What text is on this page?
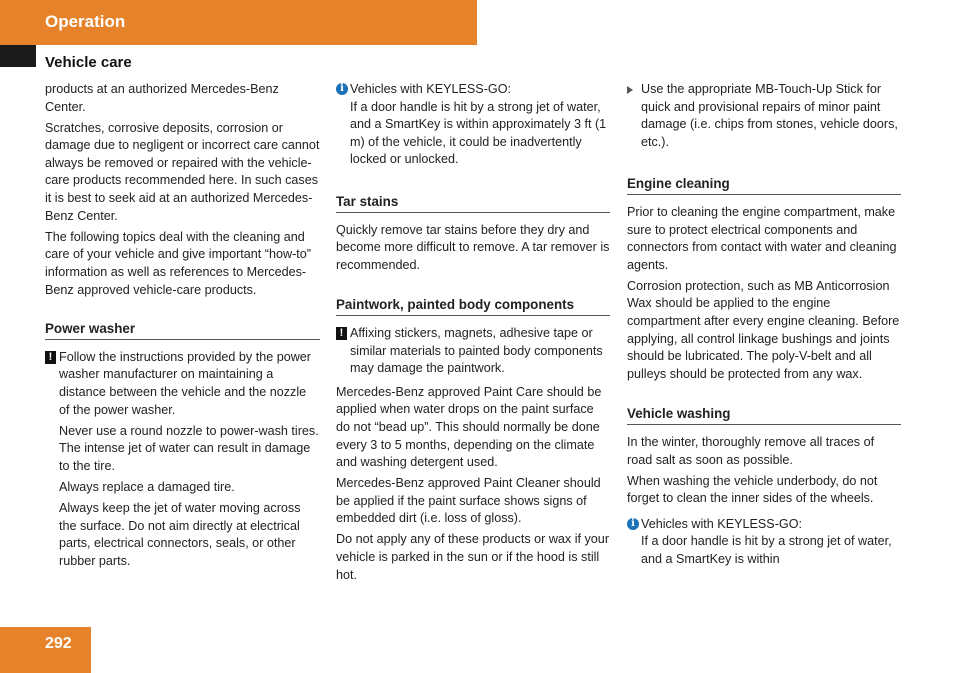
Operation
Vehicle care

products at an authorized Mercedes-Benz Center.

Scratches, corrosive deposits, corrosion or damage due to negligent or incorrect care cannot always be removed or repaired with the vehicle-care products recommended here. In such cases it is best to seek aid at an authorized Mercedes-Benz Center.

The following topics deal with the cleaning and care of your vehicle and give important “how-to” information as well as references to Mercedes-Benz approved vehicle-care products.

Power washer

! Follow the instructions provided by the power washer manufacturer on maintaining a distance between the vehicle and the nozzle of the power washer.

Never use a round nozzle to power-wash tires. The intense jet of water can result in damage to the tire.

Always replace a damaged tire.

Always keep the jet of water moving across the surface. Do not aim directly at electrical parts, electrical connectors, seals, or other rubber parts.

i Vehicles with KEYLESS-GO:
If a door handle is hit by a strong jet of water, and a SmartKey is within approximately 3 ft (1 m) of the vehicle, it could be inadvertently locked or unlocked.

Tar stains

Quickly remove tar stains before they dry and become more difficult to remove. A tar remover is recommended.

Paintwork, painted body components

! Affixing stickers, magnets, adhesive tape or similar materials to painted body components may damage the paintwork.

Mercedes-Benz approved Paint Care should be applied when water drops on the paint surface do not “bead up”. This should normally be done every 3 to 5 months, depending on the climate and washing detergent used.

Mercedes-Benz approved Paint Cleaner should be applied if the paint surface shows signs of embedded dirt (i.e. loss of gloss).

Do not apply any of these products or wax if your vehicle is parked in the sun or if the hood is still hot.

Use the appropriate MB-Touch-Up Stick for quick and provisional repairs of minor paint damage (i.e. chips from stones, vehicle doors, etc.).

Engine cleaning

Prior to cleaning the engine compartment, make sure to protect electrical components and connectors from contact with water and cleaning agents.

Corrosion protection, such as MB Anticorrosion Wax should be applied to the engine compartment after every engine cleaning. Before applying, all control linkage bushings and joints should be lubricated. The poly-V-belt and all pulleys should be protected from any wax.

Vehicle washing

In the winter, thoroughly remove all traces of road salt as soon as possible.

When washing the vehicle underbody, do not forget to clean the inner sides of the wheels.

i Vehicles with KEYLESS-GO:
If a door handle is hit by a strong jet of water, and a SmartKey is within

292
